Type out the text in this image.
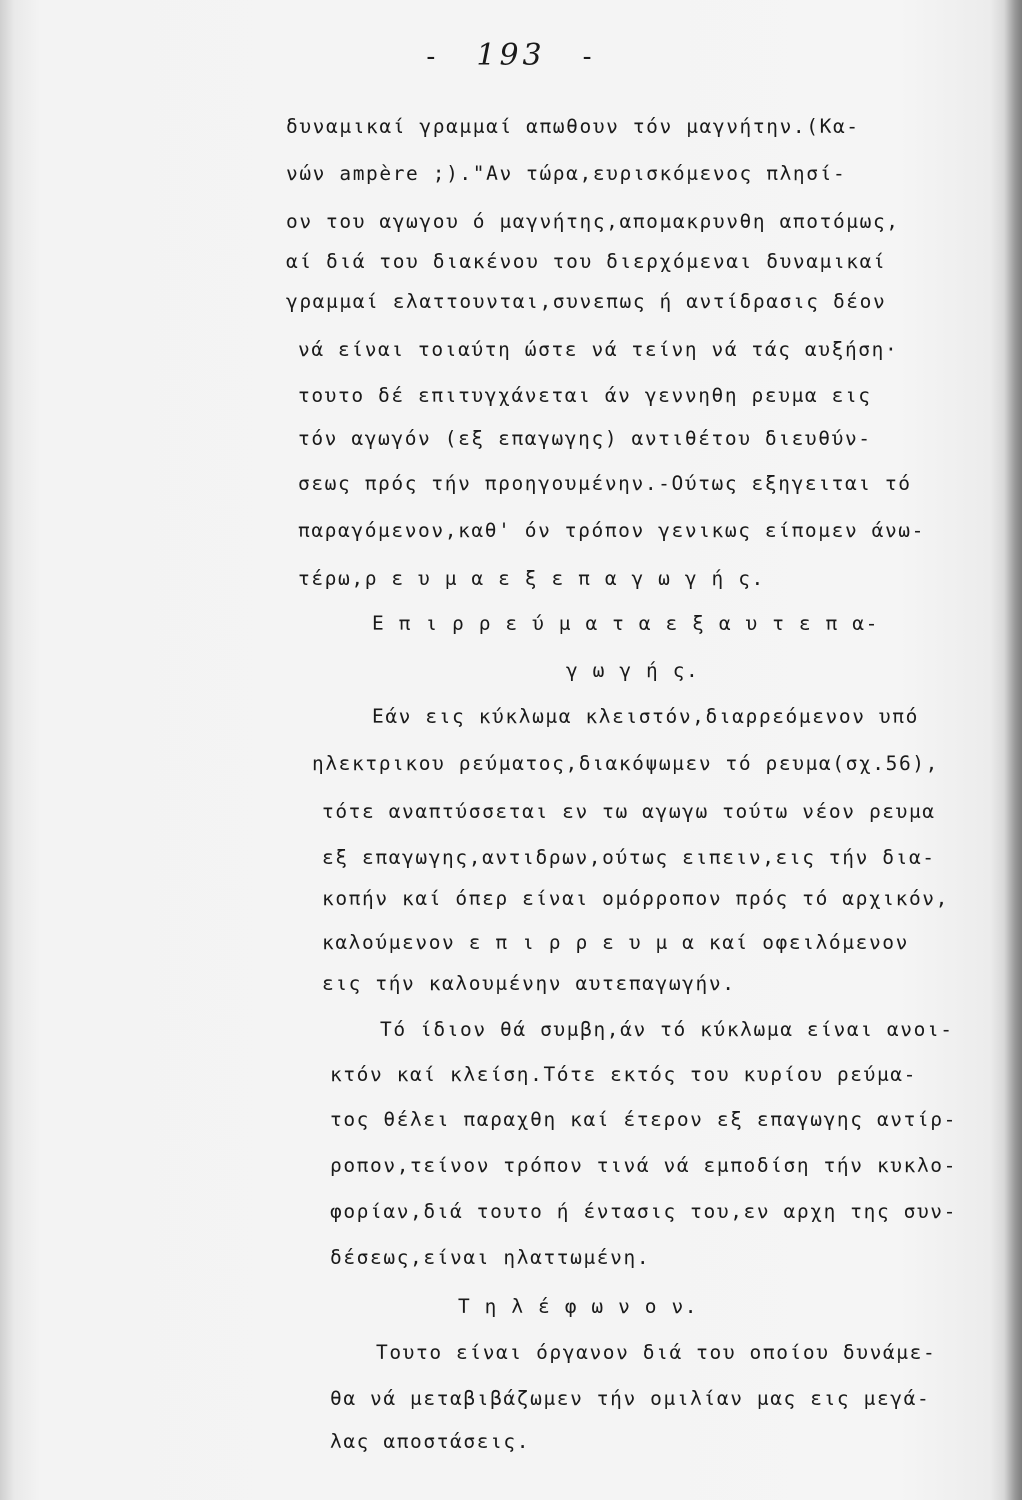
- 193 -
δυναμικαί γραμμαί απωθουν τόν μαγνήτην.(Κα-
νών ampère ;)."Αν τώρα,ευρισκόμενος πλησί-
ον του αγωγου ό μαγνήτης,απομακρυνθη αποτόμως,
αί διά του διακένου του διερχόμεναι δυναμικαί
γραμμαί ελαττουνται,συνεπως ή αντίδρασις δέον
νά είναι τοιαύτη ώστε νά τείνη νά τάς αυξήση·
τουτο δέ επιτυγχάνεται άν γεννηθη ρευμα εις
τόν αγωγόν (εξ επαγωγης) αντιθέτου διευθύν-
σεως πρός τήν προηγουμένην.-Ούτως εξηγειται τό
παραγόμενον,καθ' όν τρόπον γενικως είπομεν άνω-
τέρω,ρ ε υ μ α ε ξ ε π α γ ω γ ή ς.
Ε π ι ρ ρ ε ύ μ α τ α ε ξ α υ τ ε π α-
γ ω γ ή ς.
Εάν εις κύκλωμα κλειστόν,διαρρεόμενον υπό
ηλεκτρικου ρεύματος,διακόψωμεν τό ρευμα(σχ.56),
τότε αναπτύσσεται εν τω αγωγω τούτω νέον ρευμα
εξ επαγωγης,αντιδρων,ούτως ειπειν,εις τήν δια-
κοπήν καί όπερ είναι ομόρροπον πρός τό αρχικόν,
καλούμενον ε π ι ρ ρ ε υ μ α καί οφειλόμενον
εις τήν καλουμένην αυτεπαγωγήν.
Τό ίδιον θά συμβη,άν τό κύκλωμα είναι ανοι-
κτόν καί κλείση.Τότε εκτός του κυρίου ρεύμα-
τος θέλει παραχθη καί έτερον εξ επαγωγης αντίρ-
ροπον,τείνον τρόπον τινά νά εμποδίση τήν κυκλο-
φορίαν,διά τουτο ή έντασις του,εν αρχη της συν-
δέσεως,είναι ηλαττωμένη.
Τ η λ έ φ ω ν ο ν.
Τουτο είναι όργανον διά του οποίου δυνάμε-
θα νά μεταβιβάζωμεν τήν ομιλίαν μας εις μεγά-
λας αποστάσεις.
